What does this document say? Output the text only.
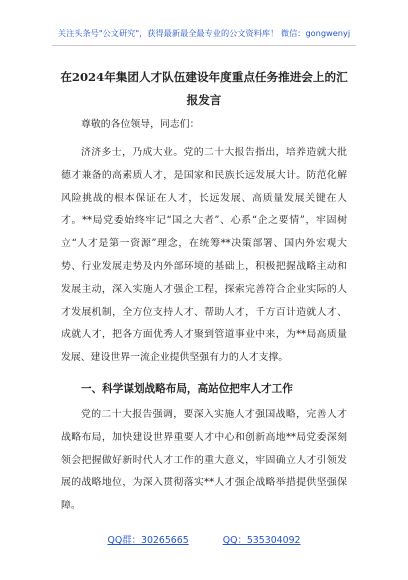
关注头条号"公文研究"，获得最新最全最专业的公文资料库！ 微信：gongwenyj
在2024年集团人才队伍建设年度重点任务推进会上的汇报发言
尊敬的各位领导，同志们：
济济多士，乃成大业。党的二十大报告指出，培养造就大批德才兼备的高素质人才，是国家和民族长远发展大计。防范化解风险挑战的根本保证在人才，长远发展、高质量发展关键在人才。**局党委始终牢记“国之大者”、心系“企之要情”，牢固树立“人才是第一资源”理念，在统筹**决策部署、国内外宏观大势、行业发展走势及内外部环境的基础上，积极把握战略主动和发展主动，深入实施人才强企工程，探索完善符合企业实际的人才发展机制，全方位支持人才、帮助人才，千方百计造就人才、成就人才，把各方面优秀人才聚到管道事业中来，为**局高质量发展、建设世界一流企业提供坚强有力的人才支撑。
一、科学谋划战略布局，高站位把牢人才工作
党的二十大报告强调，要深入实施人才强国战略，完善人才战略布局，加快建设世界重要人才中心和创新高地**局党委深刻领会把握做好新时代人才工作的重大意义，牢固确立人才引领发展的战略地位，为深入贯彻落实**人才强企战略举措提供坚强保障。
QQ群：30265665	QQ：535304092
